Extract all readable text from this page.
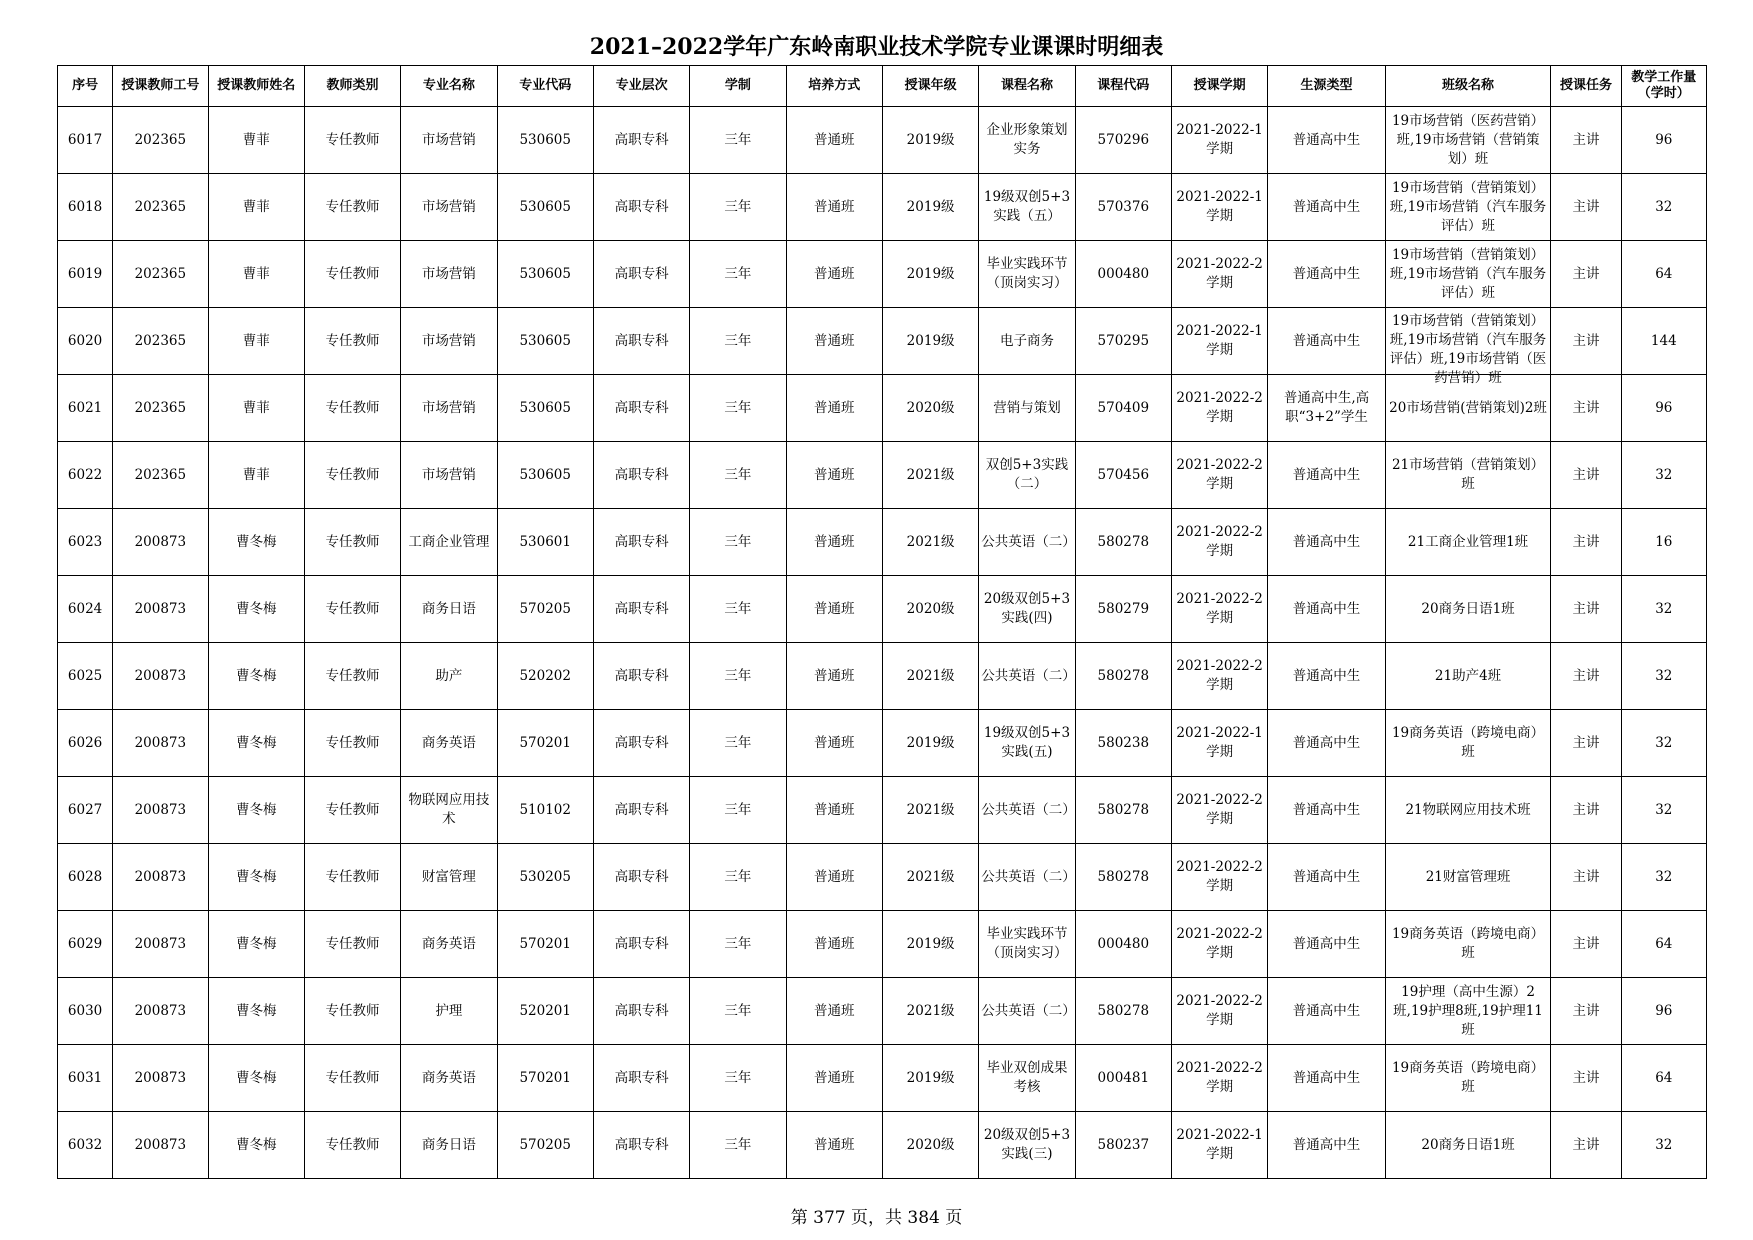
2021–2022学年广东岭南职业技术学院专业课课时明细表
序号	授课教师工号	授课教师姓名	教师类别	专业名称	专业代码	专业层次	学制	培养方式	授课年级	课程名称	课程代码	授课学期	生源类型	班级名称	授课任务	教学工作量（学时）

6017	202365	曹菲	专任教师	市场营销	530605	高职专科	三年	普通班	2019级	企业形象策划实务	570296	2021-2022-1学期	普通高中生	19市场营销（医药营销）班,19市场营销（营销策划）班	主讲	96

6018	202365	曹菲	专任教师	市场营销	530605	高职专科	三年	普通班	2019级	19级双创5+3实践（五）	570376	2021-2022-1学期	普通高中生	19市场营销（营销策划）班,19市场营销（汽车服务评估）班	主讲	32

6019	202365	曹菲	专任教师	市场营销	530605	高职专科	三年	普通班	2019级	毕业实践环节（顶岗实习）	000480	2021-2022-2学期	普通高中生	19市场营销（营销策划）班,19市场营销（汽车服务评估）班	主讲	64

6020	202365	曹菲	专任教师	市场营销	530605	高职专科	三年	普通班	2019级	电子商务	570295	2021-2022-1学期	普通高中生	19市场营销（营销策划）班,19市场营销（汽车服务评估）班,19市场营销（医药营销）班	主讲	144

6021	202365	曹菲	专任教师	市场营销	530605	高职专科	三年	普通班	2020级	营销与策划	570409	2021-2022-2学期	普通高中生,高职“3+2”学生	20市场营销(营销策划)2班	主讲	96

6022	202365	曹菲	专任教师	市场营销	530605	高职专科	三年	普通班	2021级	双创5+3实践（二）	570456	2021-2022-2学期	普通高中生	21市场营销（营销策划）班	主讲	32

6023	200873	曹冬梅	专任教师	工商企业管理	530601	高职专科	三年	普通班	2021级	公共英语（二）	580278	2021-2022-2学期	普通高中生	21工商企业管理1班	主讲	16

6024	200873	曹冬梅	专任教师	商务日语	570205	高职专科	三年	普通班	2020级	20级双创5+3实践(四)	580279	2021-2022-2学期	普通高中生	20商务日语1班	主讲	32

6025	200873	曹冬梅	专任教师	助产	520202	高职专科	三年	普通班	2021级	公共英语（二）	580278	2021-2022-2学期	普通高中生	21助产4班	主讲	32

6026	200873	曹冬梅	专任教师	商务英语	570201	高职专科	三年	普通班	2019级	19级双创5+3实践(五)	580238	2021-2022-1学期	普通高中生	19商务英语（跨境电商）班	主讲	32

6027	200873	曹冬梅	专任教师	物联网应用技术	510102	高职专科	三年	普通班	2021级	公共英语（二）	580278	2021-2022-2学期	普通高中生	21物联网应用技术班	主讲	32

6028	200873	曹冬梅	专任教师	财富管理	530205	高职专科	三年	普通班	2021级	公共英语（二）	580278	2021-2022-2学期	普通高中生	21财富管理班	主讲	32

6029	200873	曹冬梅	专任教师	商务英语	570201	高职专科	三年	普通班	2019级	毕业实践环节（顶岗实习）	000480	2021-2022-2学期	普通高中生	19商务英语（跨境电商）班	主讲	64

6030	200873	曹冬梅	专任教师	护理	520201	高职专科	三年	普通班	2021级	公共英语（二）	580278	2021-2022-2学期	普通高中生	19护理（高中生源）2班,19护理8班,19护理11班	主讲	96

6031	200873	曹冬梅	专任教师	商务英语	570201	高职专科	三年	普通班	2019级	毕业双创成果考核	000481	2021-2022-2学期	普通高中生	19商务英语（跨境电商）班	主讲	64

6032	200873	曹冬梅	专任教师	商务日语	570205	高职专科	三年	普通班	2020级	20级双创5+3实践(三)	580237	2021-2022-1学期	普通高中生	20商务日语1班	主讲	32
第 377 页，共 384 页
